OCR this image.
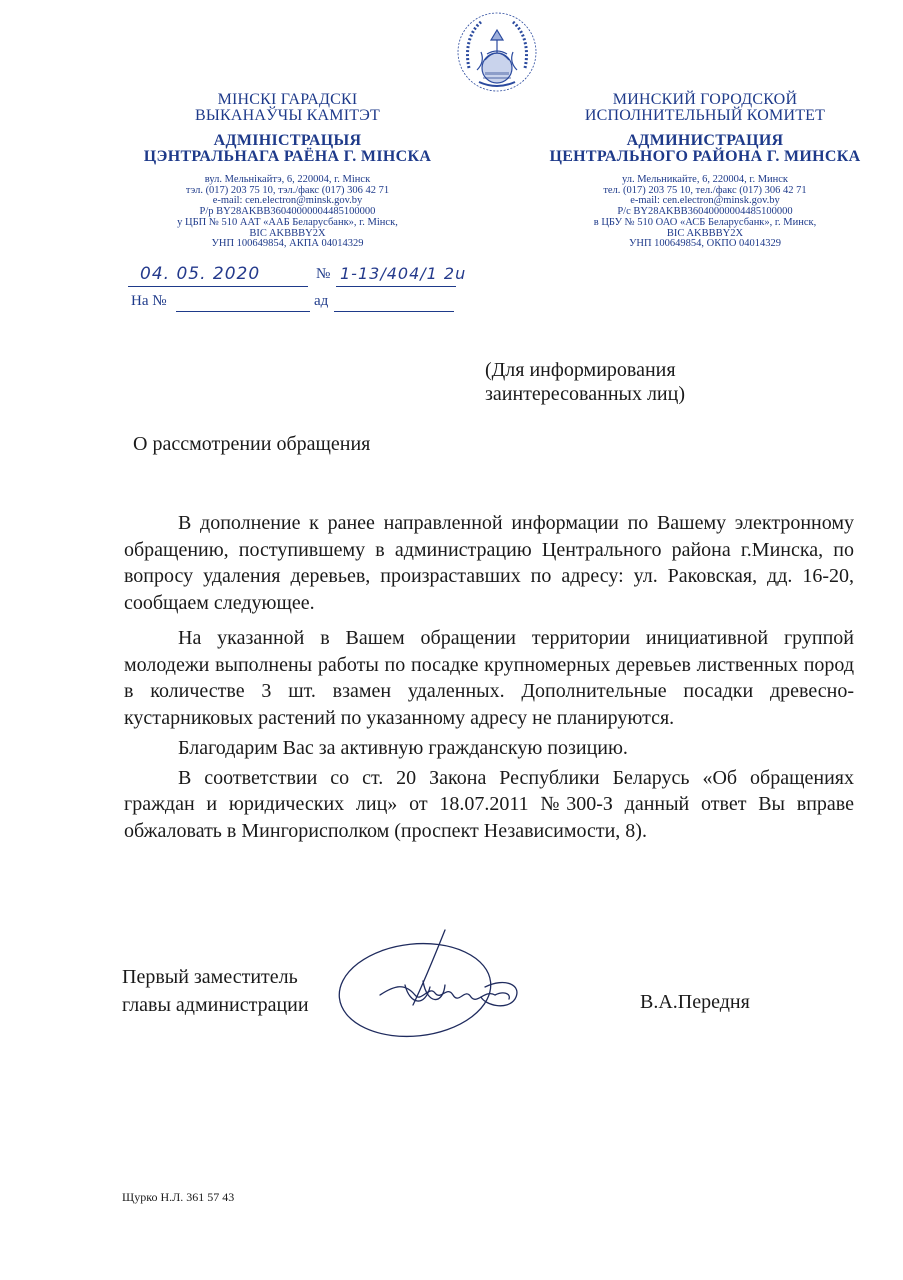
МІНСКІ ГАРАДСКІ
ВЫКАНАЎЧЫ КАМІТЭТ
АДМІНІСТРАЦЫЯ
ЦЭНТРАЛЬНАГА РАЁНА Г. МІНСКА
вул. Мельнікайтэ, 6, 220004, г. Мінск
тэл. (017) 203 75 10, тэл./факс (017) 306 42 71
e-mail: cen.electron@minsk.gov.by
Р/р BY28AKBB36040000004485100000
у ЦБП № 510 ААТ «ААБ Беларусбанк», г. Мінск,
BIC AKBBBY2X
УНП 100649854, АКПА 04014329
МИНСКИЙ ГОРОДСКОЙ
ИСПОЛНИТЕЛЬНЫЙ КОМИТЕТ
АДМИНИСТРАЦИЯ
ЦЕНТРАЛЬНОГО РАЙОНА Г. МИНСКА
ул. Мельникайте, 6, 220004, г. Минск
тел. (017) 203 75 10, тел./факс (017) 306 42 71
e-mail: cen.electron@minsk.gov.by
Р/с BY28AKBB36040000004485100000
в ЦБУ № 510 ОАО «АСБ Беларусбанк», г. Минск,
BIC AKBBBY2X
УНП 100649854, ОКПО 04014329
04. 05. 2020	№ 1-13/404/1 2u
На №	ад
(Для информирования
заинтересованных лиц)
О рассмотрении обращения

В дополнение к ранее направленной информации по Вашему электронному обращению, поступившему в администрацию Центрального района г.Минска, по вопросу удаления деревьев, произраставших по адресу: ул. Раковская, дд. 16-20, сообщаем следующее.

На указанной в Вашем обращении территории инициативной группой молодежи выполнены работы по посадке крупномерных деревьев лиственных пород в количестве 3 шт. взамен удаленных. Дополнительные посадки древесно-кустарниковых растений по указанному адресу не планируются.

Благодарим Вас за активную гражданскую позицию.

В соответствии со ст. 20 Закона Республики Беларусь «Об обращениях граждан и юридических лиц» от 18.07.2011 №300-З данный ответ Вы вправе обжаловать в Мингорисполком (проспект Независимости, 8).

Первый заместитель
главы администрации	В.А.Передня
Щурко Н.Л. 361 57 43
